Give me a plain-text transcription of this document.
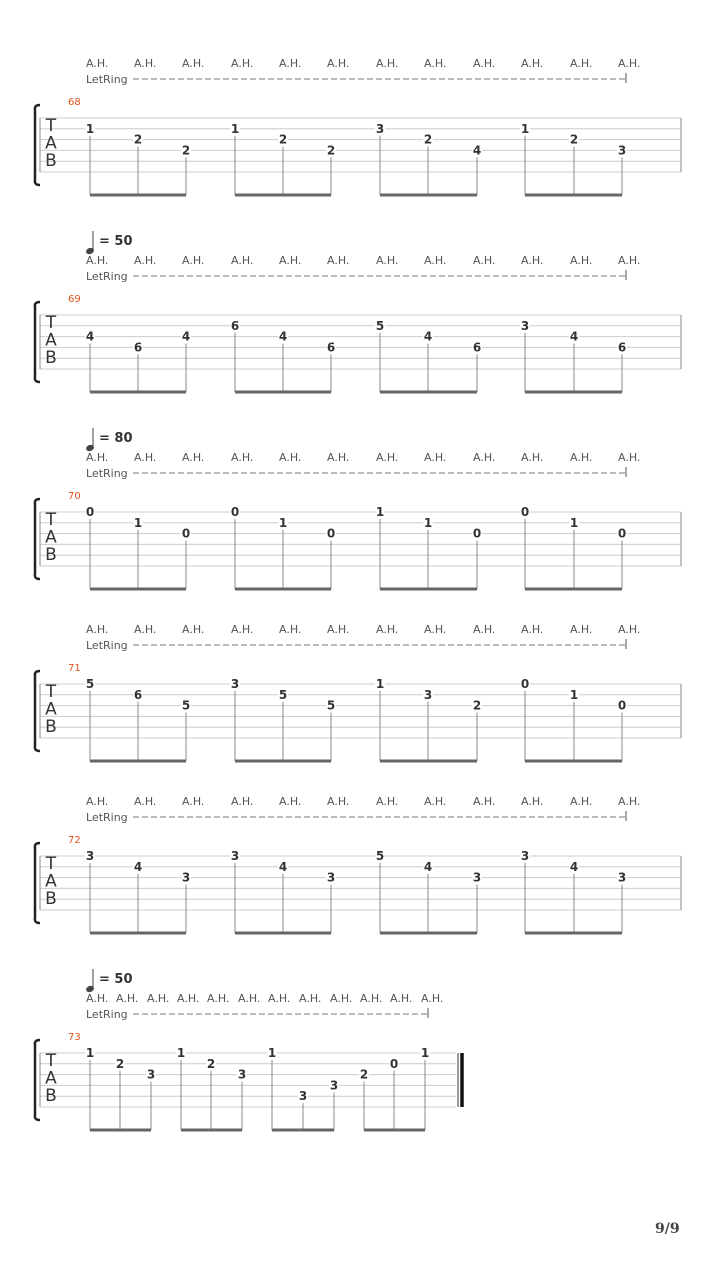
A.H. A.H. A.H. A.H. A.H. A.H. A.H. A.H. A.H. A.H. A.H. A.H.
LetRing
68
T
A
B
1
2
2
1
2
2
3
2
4
1
2
3
= 50
A.H. A.H. A.H. A.H. A.H. A.H. A.H. A.H. A.H. A.H. A.H. A.H.
LetRing
69
T
A
B
4
6
4
6
4
6
5
4
6
3
4
6
= 80
A.H. A.H. A.H. A.H. A.H. A.H. A.H. A.H. A.H. A.H. A.H. A.H.
LetRing
70
T
A
B
0
1
0
0
1
0
1
1
0
0
1
0
A.H. A.H. A.H. A.H. A.H. A.H. A.H. A.H. A.H. A.H. A.H. A.H.
LetRing
71
T
A
B
5
6
5
3
5
5
1
3
2
0
1
0
A.H. A.H. A.H. A.H. A.H. A.H. A.H. A.H. A.H. A.H. A.H. A.H.
LetRing
72
T
A
B
3
4
3
3
4
3
5
4
3
3
4
3
= 50
A.H. A.H. A.H. A.H. A.H. A.H. A.H. A.H. A.H. A.H. A.H. A.H.
LetRing
73
T
A
B
1
2
3
1
2
3
1
3
3
2
0
1
9/9
